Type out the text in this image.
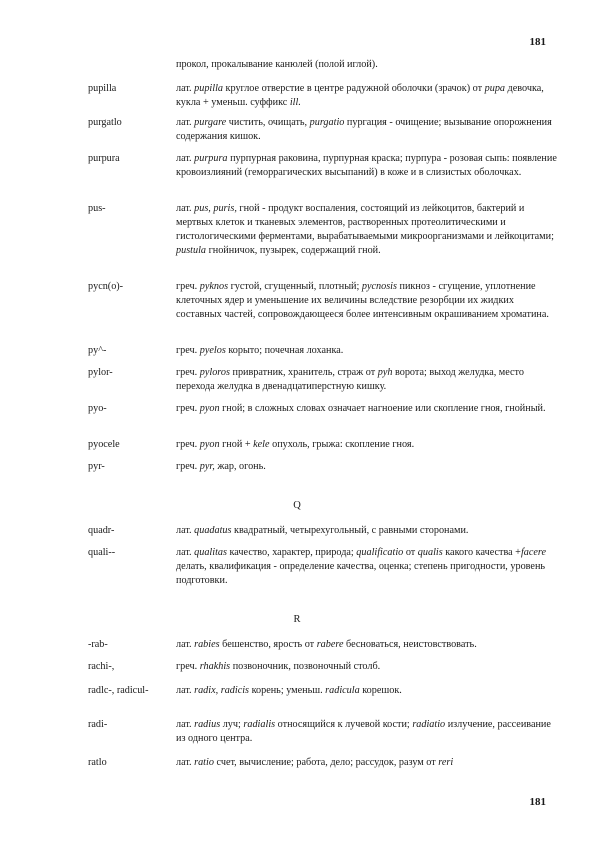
181
прокол, прокалывание канюлей (полой иглой).
pupilla	лат. pupilla круглое отверстие в центре радужной оболочки (зрачок) от pupa девочка, кукла + уменьш. суффикс ill.
purgatlo	лат. purgare чистить, очищать, purgatio пургация - очищение; вызывание опорожнения содержания кишок.
purpura	лат. purpura пурпурная раковина, пурпурная краска; пурпура - розовая сыпь: появление кровоизлияний (геморрагических высыпаний) в коже и в слизистых оболочках.
pus-	лат. pus, puris, гной - продукт воспаления, состоящий из лейкоцитов, бактерий и мертвых клеток и тканевых элементов, растворенных протеолитическими и гистологическими ферментами, вырабатываемыми микроорганизмами и лейкоцитами; pustula гнойничок, пузырек, содержащий гной.
pycn(o)-	греч. pyknos густой, сгущенный, плотный; pycnosis пикноз - сгущение, уплотнение клеточных ядер и уменьшение их величины вследствие резорбции их жидких составных частей, сопровождающееся более интенсивным окрашиванием хроматина.
py^-	греч. pyelos корыто; почечная лоханка.
pylor-	греч. pyloros привратник, хранитель, страж от pyh ворота; выход желудка, место перехода желудка в двенадцатиперстную кишку.
pyo-	греч. pyon гной; в сложных словах означает нагноение или скопление гноя, гнойный.
pyocele	греч. pyon гной + kele опухоль, грыжа: скопление гноя.
pyr-	греч. pyr, жар, огонь.
Q
quadr-	лат. quadatus квадратный, четырехугольный, с равными сторонами.
quali--	лат. qualitas качество, характер, природа; qualificatio от qualis какого качества +facere делать, квалификация - определение качества, оценка; степень пригодности, уровень подготовки.
R
-rab-	лат. rabies бешенство, ярость от rabere бесноваться, неистовствовать.
rachi-,	греч. rhakhis позвоночник, позвоночный столб.
radlc-, radicul-	лат. radix, radicis корень; уменьш. radicula корешок.
radi-	лат. radius луч; radialis относящийся к лучевой кости; radiatio излучение, рассеивание из одного центра.
ratlo	лат. ratio счет, вычисление; работа, дело; рассудок, разум от reri
181
